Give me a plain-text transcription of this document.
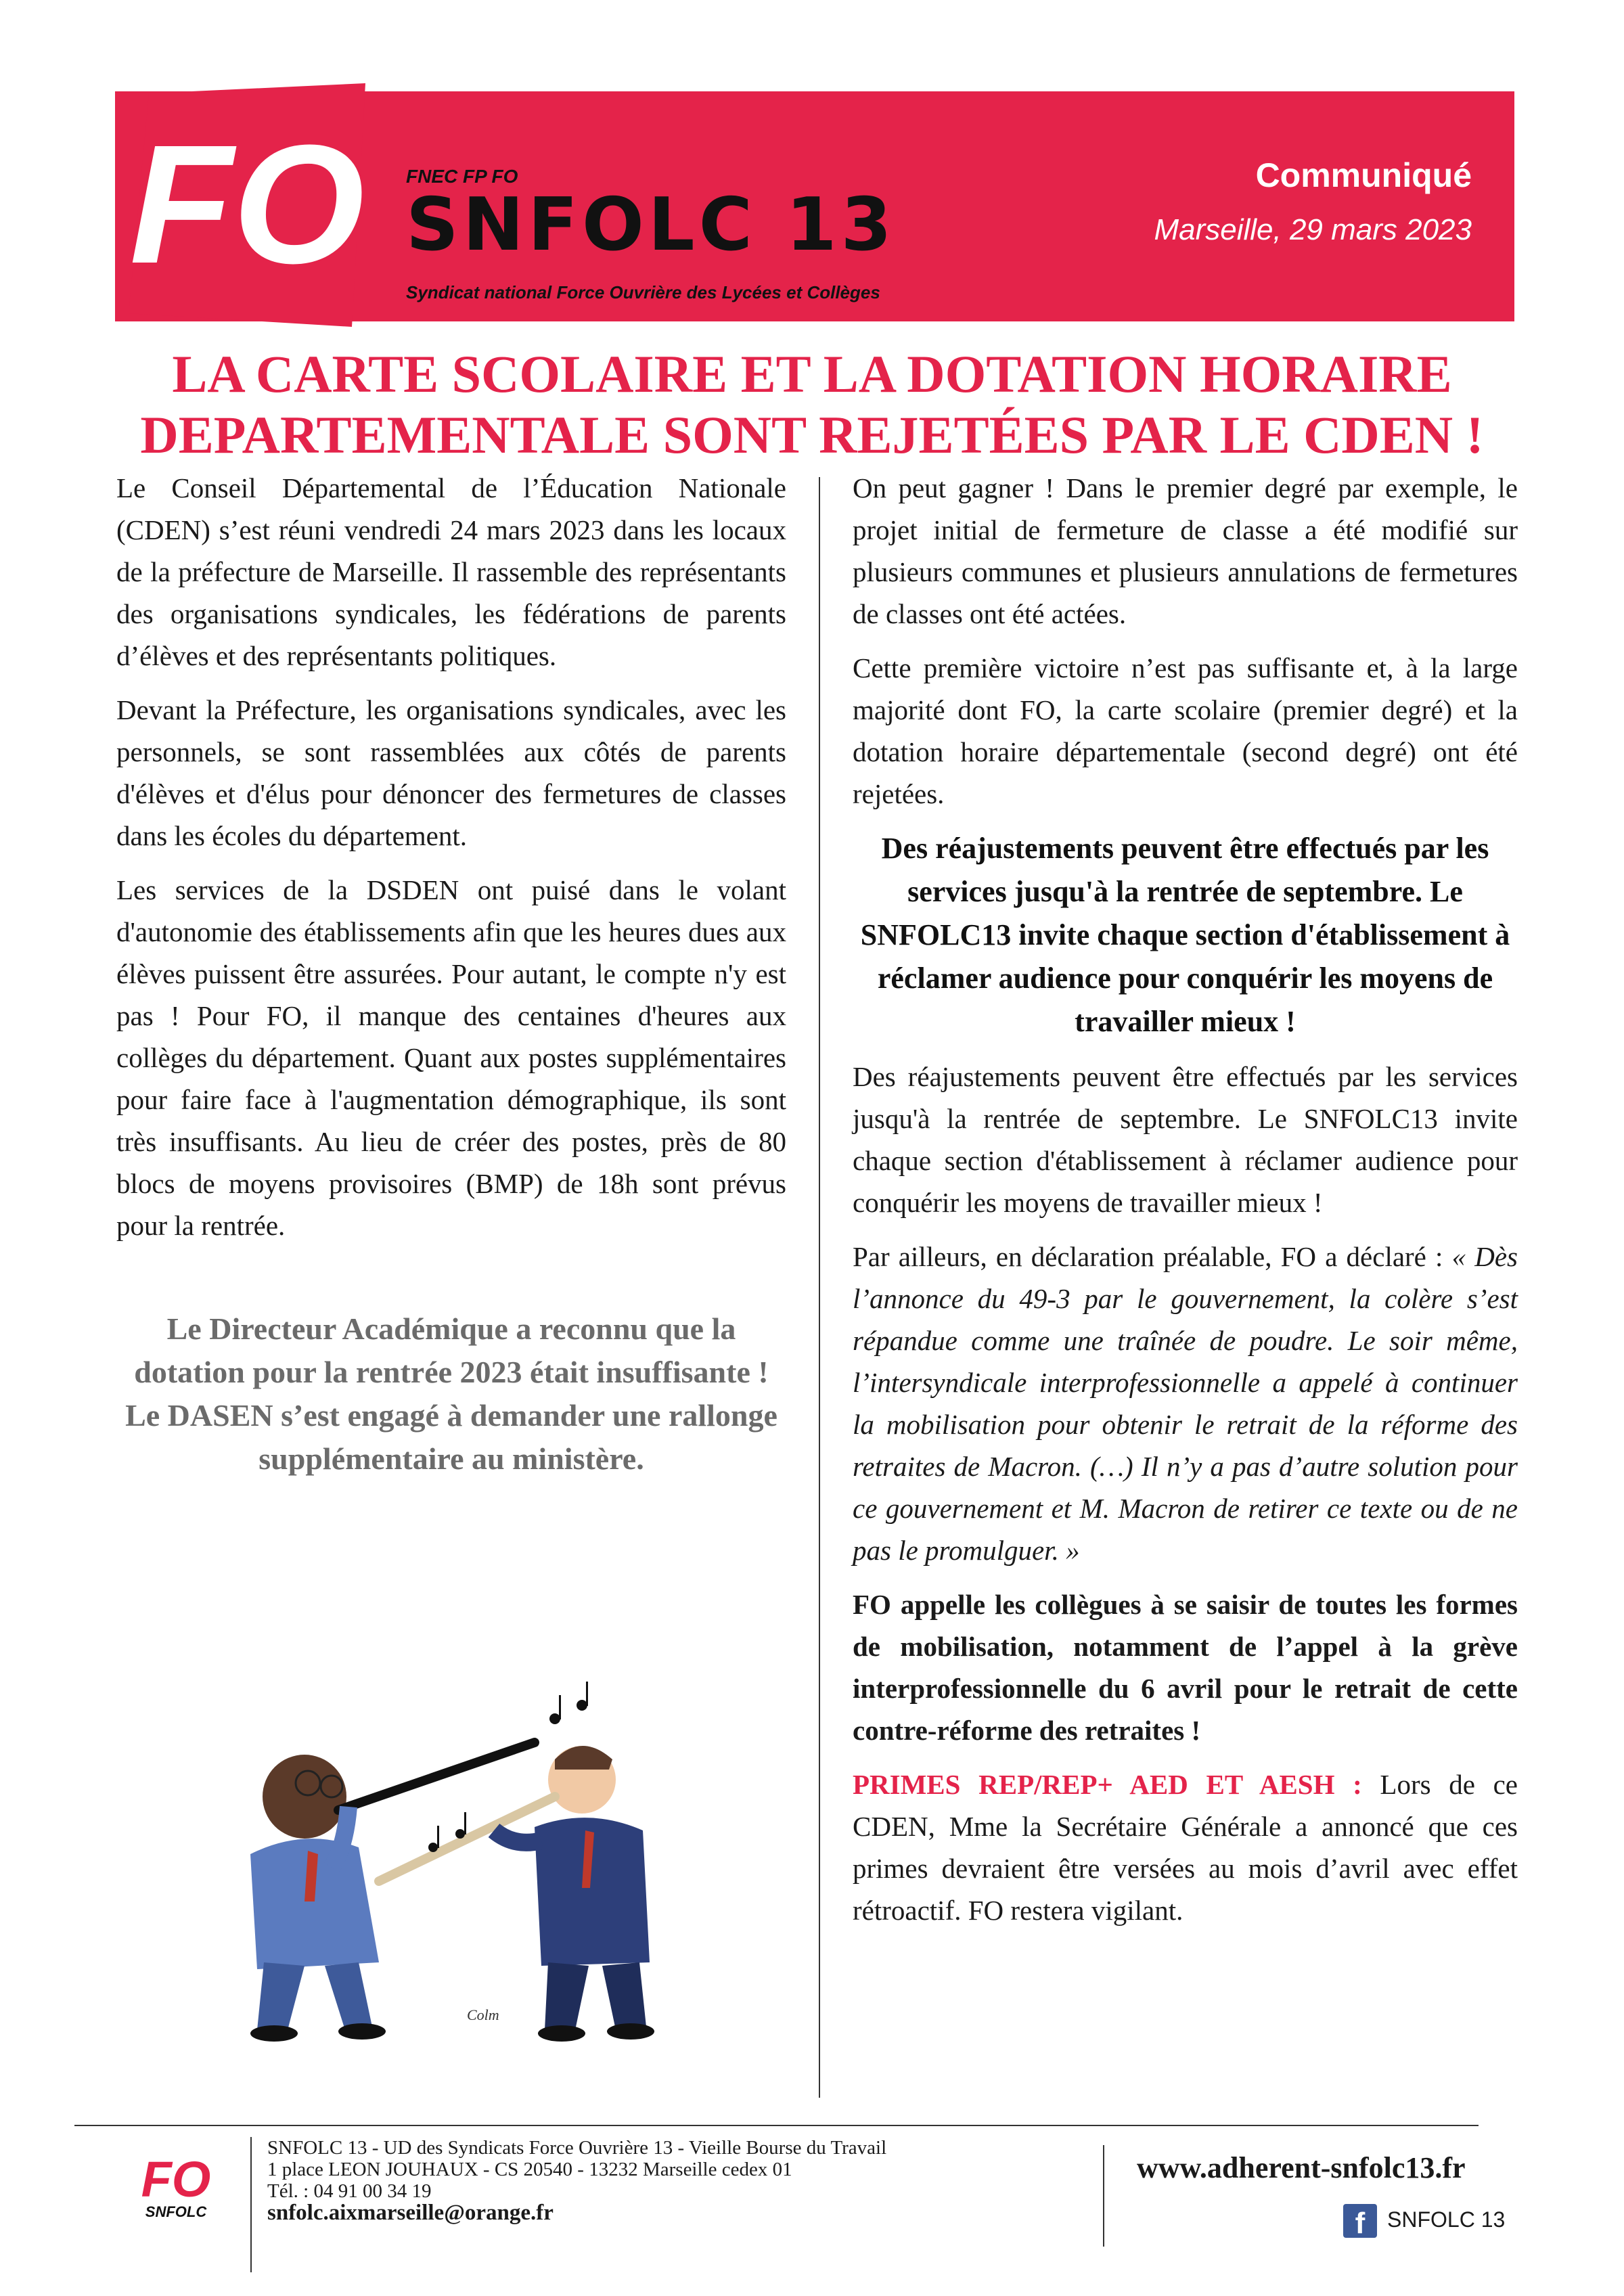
FO FNEC FP FO
SNFOLC 13
Syndicat national Force Ouvrière des Lycées et Collèges
Communiqué
Marseille, 29 mars 2023
LA CARTE SCOLAIRE ET LA DOTATION HORAIRE
DEPARTEMENTALE SONT REJETÉES PAR LE CDEN !

Le Conseil Départemental de l’Éducation Nationale (CDEN) s’est réuni vendredi 24 mars 2023 dans les locaux de la préfecture de Marseille. Il rassemble des représentants des organisations syndicales, les fédérations de parents d’élèves et des représentants politiques.

Devant la Préfecture, les organisations syndicales, avec les personnels, se sont rassemblées aux côtés de parents d'élèves et d'élus pour dénoncer des fermetures de classes dans les écoles du département.

Les services de la DSDEN ont puisé dans le volant d'autonomie des établissements afin que les heures dues aux élèves puissent être assurées. Pour autant, le compte n'y est pas ! Pour FO, il manque des centaines d'heures aux collèges du département. Quant aux postes supplémentaires pour faire face à l'augmentation démographique, ils sont très insuffisants. Au lieu de créer des postes, près de 80 blocs de moyens provisoires (BMP) de 18h sont prévus pour la rentrée.

Le Directeur Académique a reconnu que la dotation pour la rentrée 2023 était insuffisante ! Le DASEN s’est engagé à demander une rallonge supplémentaire au ministère.

Colm

On peut gagner ! Dans le premier degré par exemple, le projet initial de fermeture de classe a été modifié sur plusieurs communes et plusieurs annulations de fermetures de classes ont été actées.

Cette première victoire n’est pas suffisante et, à la large majorité dont FO, la carte scolaire (premier degré) et la dotation horaire départementale (second degré) ont été rejetées.

Des réajustements peuvent être effectués par les services jusqu'à la rentrée de septembre. Le SNFOLC13 invite chaque section d'établissement à réclamer audience pour conquérir les moyens de travailler mieux !

Des réajustements peuvent être effectués par les services jusqu'à la rentrée de septembre. Le SNFOLC13 invite chaque section d'établissement à réclamer audience pour conquérir les moyens de travailler mieux !

Par ailleurs, en déclaration préalable, FO a déclaré : « Dès l’annonce du 49-3 par le gouvernement, la colère s’est répandue comme une traînée de poudre. Le soir même, l’intersyndicale interprofessionnelle a appelé à continuer la mobilisation pour obtenir le retrait de la réforme des retraites de Macron. (…) Il n’y a pas d’autre solution pour ce gouvernement et M. Macron de retirer ce texte ou de ne pas le promulguer. »

FO appelle les collègues à se saisir de toutes les formes de mobilisation, notamment de l’appel à la grève interprofessionnelle du 6 avril pour le retrait de cette contre-réforme des retraites !

PRIMES REP/REP+ AED ET AESH : Lors de ce CDEN, Mme la Secrétaire Générale a annoncé que ces primes devraient être versées au mois d’avril avec effet rétroactif. FO restera vigilant.

FO
SNFOLC
SNFOLC 13 - UD des Syndicats Force Ouvrière 13 - Vieille Bourse du Travail
1 place LEON JOUHAUX - CS 20540 - 13232 Marseille cedex 01
Tél. : 04 91 00 34 19
snfolc.aixmarseille@orange.fr
www.adherent-snfolc13.fr
f	SNFOLC 13
